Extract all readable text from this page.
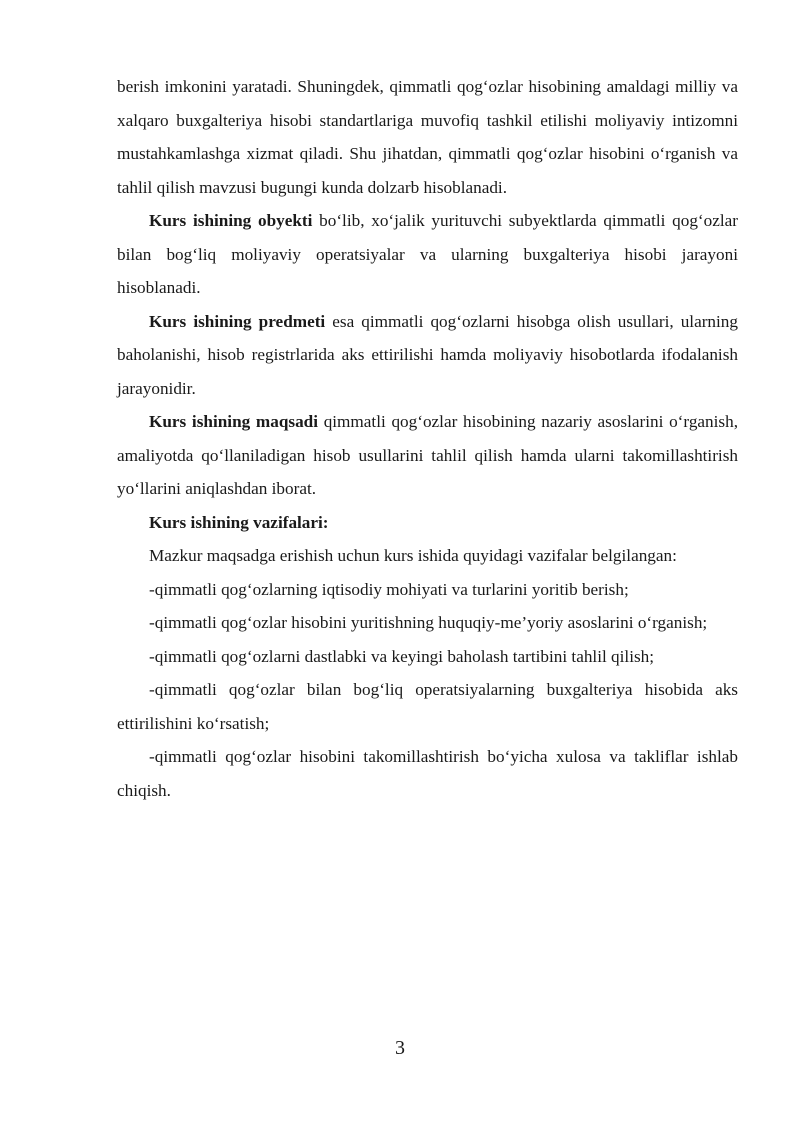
berish imkonini yaratadi. Shuningdek, qimmatli qog‘ozlar hisobining amaldagi milliy va xalqaro buxgalteriya hisobi standartlariga muvofiq tashkil etilishi moliyaviy intizomni mustahkamlashga xizmat qiladi. Shu jihatdan, qimmatli qog‘ozlar hisobini o‘rganish va tahlil qilish mavzusi bugungi kunda dolzarb hisoblanadi.

Kurs ishining obyekti bo‘lib, xo‘jalik yurituvchi subyektlarda qimmatli qog‘ozlar bilan bog‘liq moliyaviy operatsiyalar va ularning buxgalteriya hisobi jarayoni hisoblanadi.

Kurs ishining predmeti esa qimmatli qog‘ozlarni hisobga olish usullari, ularning baholanishi, hisob registrlarida aks ettirilishi hamda moliyaviy hisobotlarda ifodalanish jarayonidir.

Kurs ishining maqsadi qimmatli qog‘ozlar hisobining nazariy asoslarini o‘rganish, amaliyotda qo‘llaniladigan hisob usullarini tahlil qilish hamda ularni takomillashtirish yo‘llarini aniqlashdan iborat.

Kurs ishining vazifalari:

Mazkur maqsadga erishish uchun kurs ishida quyidagi vazifalar belgilangan:

-qimmatli qog‘ozlarning iqtisodiy mohiyati va turlarini yoritib berish;

-qimmatli qog‘ozlar hisobini yuritishning huquqiy-me’yoriy asoslarini o‘rganish;

-qimmatli qog‘ozlarni dastlabki va keyingi baholash tartibini tahlil qilish;

-qimmatli qog‘ozlar bilan bog‘liq operatsiyalarning buxgalteriya hisobida aks ettirilishini ko‘rsatish;

-qimmatli qog‘ozlar hisobini takomillashtirish bo‘yicha xulosa va takliflar ishlab chiqish.

3
